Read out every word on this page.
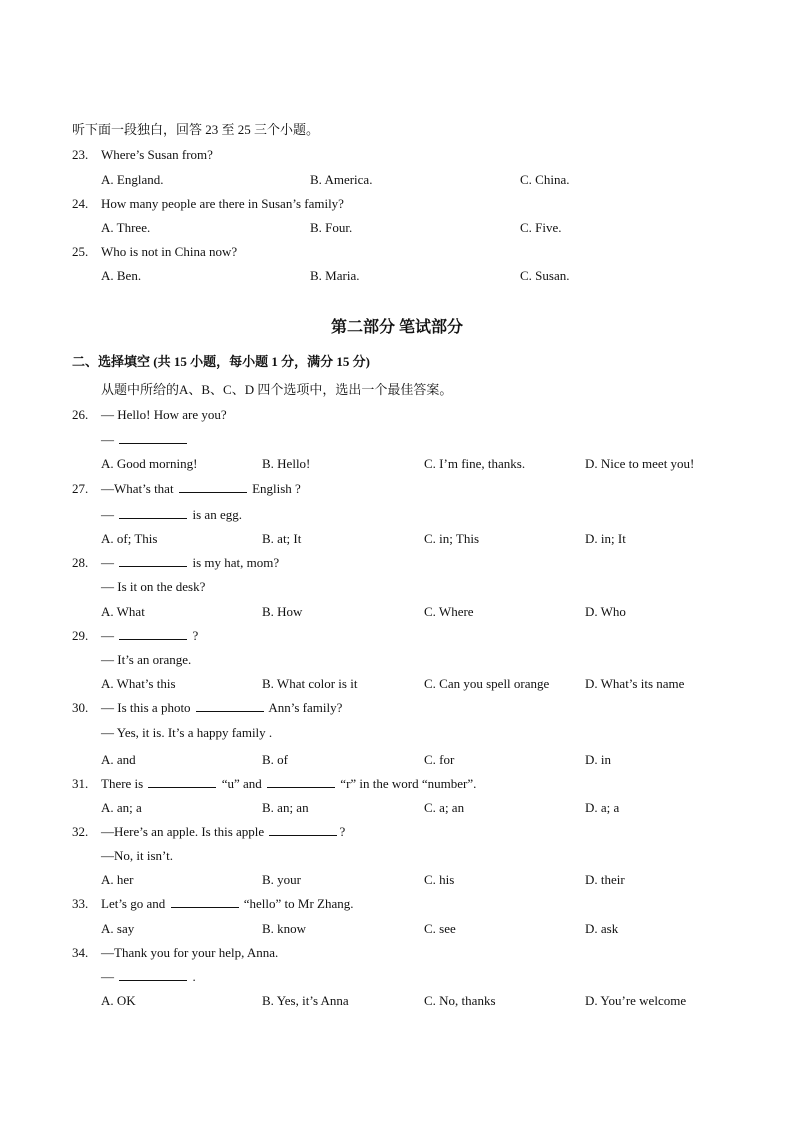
听下面一段独白，回答 23 至 25 三个小题。
23. Where’s Susan from?
A. England.	B. America.	C. China.
24. How many people are there in Susan’s family?
A. Three.	B. Four.	C. Five.
25. Who is not in China now?
A. Ben.	B. Maria.	C. Susan.
第二部分 笔试部分
二、选择填空 (共 15 小题，每小题 1 分，满分 15 分)
从题中所给的A、B、C、D 四个选项中，选出一个最佳答案。
26. — Hello! How are you?
—
A. Good morning!	B. Hello!	C. I’m fine, thanks.	D. Nice to meet you!
27. —What’s that	English ?
—	is an egg.
A. of; This	B. at; It	C. in; This	D. in; It
28. —	is my hat, mom?
— Is it on the desk?
A. What	B. How	C. Where	D. Who
29. —	?
— It’s an orange.
A. What’s this	B. What color is it	C. Can you spell orange	D. What’s its name
30. — Is this a photo	Ann’s family?
— Yes, it is. It’s a happy family .
A. and	B. of	C. for	D. in
31. There is	“u” and	“r” in the word “number”.
A. an; a	B. an; an	C. a; an	D. a; a
32. —Here’s an apple. Is this apple	?
—No, it isn’t.
A. her	B. your	C. his	D. their
33. Let’s go and	“hello” to Mr Zhang.
A. say	B. know	C. see	D. ask
34. —Thank you for your help, Anna.
—	.
A. OK	B. Yes, it’s Anna	C. No, thanks	D. You’re welcome
